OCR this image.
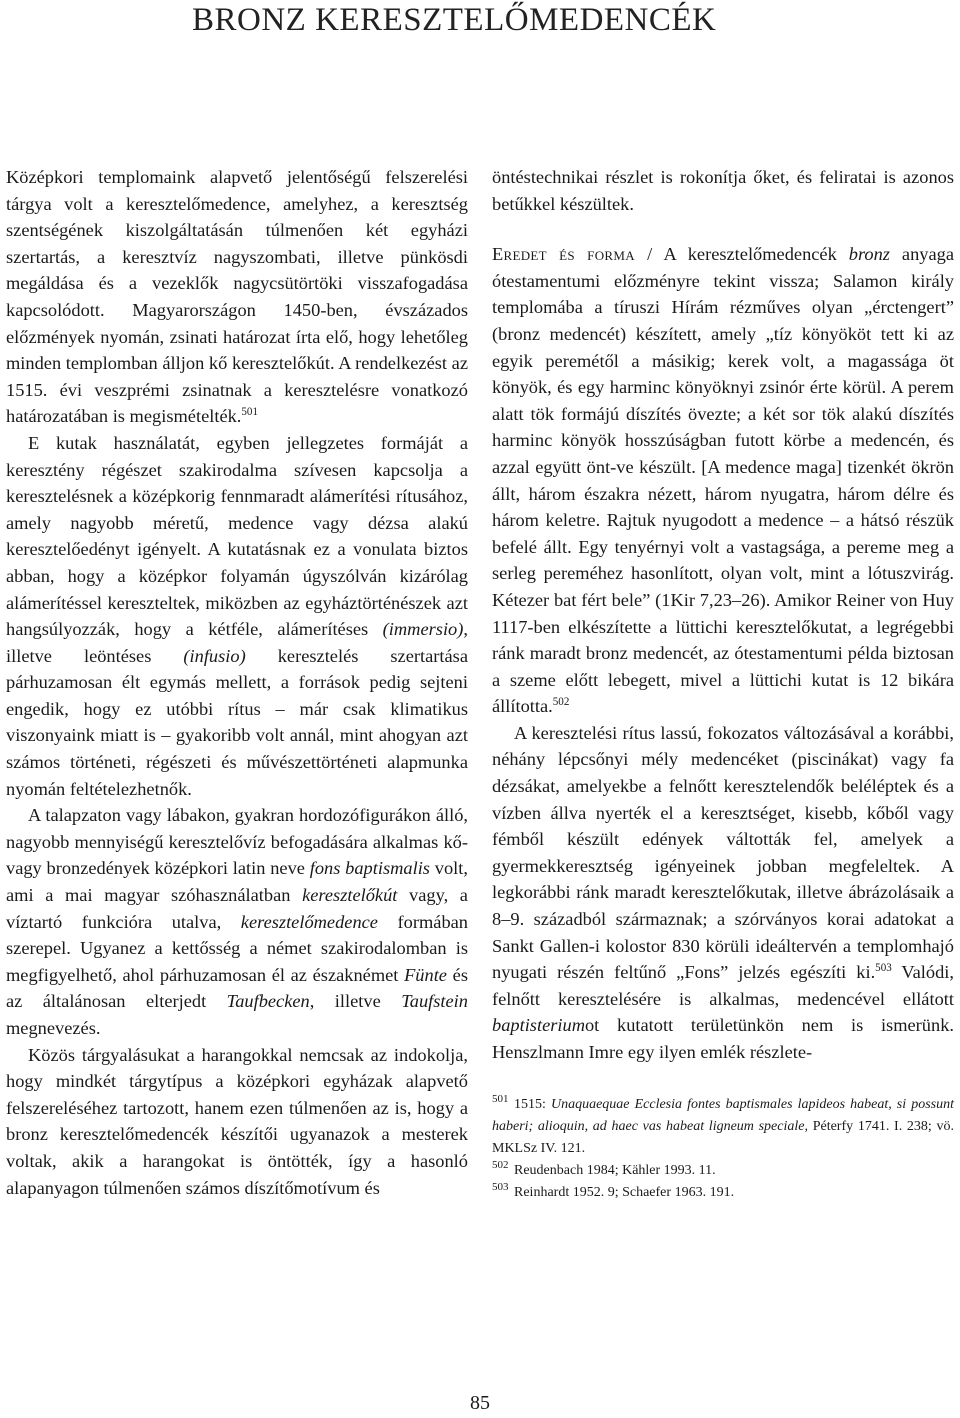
BRONZ KERESZTELŐMEDENCÉK

Középkori templomaink alapvető jelentőségű felszerelési tárgya volt a keresztelőmedence, amelyhez, a keresztség szentségének kiszolgáltatásán túlmenően két egyházi szertartás, a keresztvíz nagyszombati, illetve pünkösdi megáldása és a vezeklők nagycsütörtöki visszafogadása kapcsolódott. Magyarországon 1450-ben, évszázados előzmények nyomán, zsinati határozat írta elő, hogy lehetőleg minden templomban álljon kő keresztelőkút. A rendelkezést az 1515. évi veszprémi zsinatnak a keresztelésre vonatkozó határozatában is megismételték.$^{501}$

E kutak használatát, egyben jellegzetes formáját a keresztény régészet szakirodalma szívesen kapcsolja a keresztelésnek a középkorig fennmaradt alámerítési rítusához, amely nagyobb méretű, medence vagy dézsa alakú keresztelőedényt igényelt. A kutatásnak ez a vonulata biztos abban, hogy a középkor folyamán úgyszólván kizárólag alámerítéssel kereszteltek, miközben az egyháztörténészek azt hangsúlyozzák, hogy a kétféle, alámerítéses (immersio), illetve leöntéses (infusio) keresztelés szertartása párhuzamosan élt egymás mellett, a források pedig sejteni engedik, hogy ez utóbbi rítus – már csak klimatikus viszonyaink miatt is – gyakoribb volt annál, mint ahogyan azt számos történeti, régészeti és művészettörténeti alapmunka nyomán feltételezhetnők.

A talapzaton vagy lábakon, gyakran hordozófigurákon álló, nagyobb mennyiségű keresztelővíz befogadására alkalmas kő- vagy bronzedények középkori latin neve fons baptismalis volt, ami a mai magyar szóhasználatban keresztelőkút vagy, a víztartó funkcióra utalva, keresztelőmedence formában szerepel. Ugyanez a kettősség a német szakirodalomban is megfigyelhető, ahol párhuzamosan él az északnémet Fünte és az általánosan elterjedt Taufbecken, illetve Taufstein megnevezés.

Közös tárgyalásukat a harangokkal nemcsak az indokolja, hogy mindkét tárgytípus a középkori egyházak alapvető felszereléséhez tartozott, hanem ezen túlmenően az is, hogy a bronz keresztelőmedencék készítői ugyanazok a mesterek voltak, akik a harangokat is öntötték, így a hasonló alapanyagon túlmenően számos díszítőmotívum és

öntéstechnikai részlet is rokonítja őket, és feliratai is azonos betűkkel készültek.

Eredet és forma / A keresztelőmedencék bronz anyaga ótestamentumi előzményre tekint vissza; Salamon király templomába a tíruszi Hírám rézműves olyan „érctengert” (bronz medencét) készített, amely „tíz könyököt tett ki az egyik peremétől a másikig; kerek volt, a magassága öt könyök, és egy harminc könyöknyi zsinór érte körül. A perem alatt tök formájú díszítés övezte; a két sor tök alakú díszítés harminc könyök hosszúságban futott körbe a medencén, és azzal együtt önt-ve készült. [A medence maga] tizenkét ökrön állt, három északra nézett, három nyugatra, három délre és három keletre. Rajtuk nyugodott a medence – a hátsó részük befelé állt. Egy tenyérnyi volt a vastagsága, a pereme meg a serleg pereméhez hasonlított, olyan volt, mint a lótuszvirág. Kétezer bat fért bele” (1Kir 7,23–26). Amikor Reiner von Huy 1117-ben elkészítette a lüttichi keresztelőkutat, a legrégebbi ránk maradt bronz medencét, az ótestamentumi példa biztosan a szeme előtt lebegett, mivel a lüttichi kutat is 12 bikára állította.$^{502}$

A keresztelési rítus lassú, fokozatos változásával a korábbi, néhány lépcsőnyi mély medencéket (piscinákat) vagy fa dézsákat, amelyekbe a felnőtt keresztelendők beléléptek és a vízben állva nyerték el a keresztséget, kisebb, kőből vagy fémből készült edények váltották fel, amelyek a gyermekkeresztség igényeinek jobban megfeleltek. A legkorábbi ránk maradt keresztelőkutak, illetve ábrázolásaik a 8–9. századból származnak; a szórványos korai adatokat a Sankt Gallen-i kolostor 830 körüli ideáltervén a templomhajó nyugati részén feltűnő „Fons” jelzés egészíti ki.$^{503}$ Valódi, felnőtt keresztelésére is alkalmas, medencével ellátott baptisteriumot kutatott területünkön nem is ismerünk. Henszlmann Imre egy ilyen emlék részlete-

501 1515: Unaquaequae Ecclesia fontes baptismales lapideos habeat, si possunt haberi; alioquin, ad haec vas habeat ligneum speciale, Péterfy 1741. I. 238; vö. MKLSz IV. 121.

502 Reudenbach 1984; Kähler 1993. 11.

503 Reinhardt 1952. 9; Schaefer 1963. 191.

85
